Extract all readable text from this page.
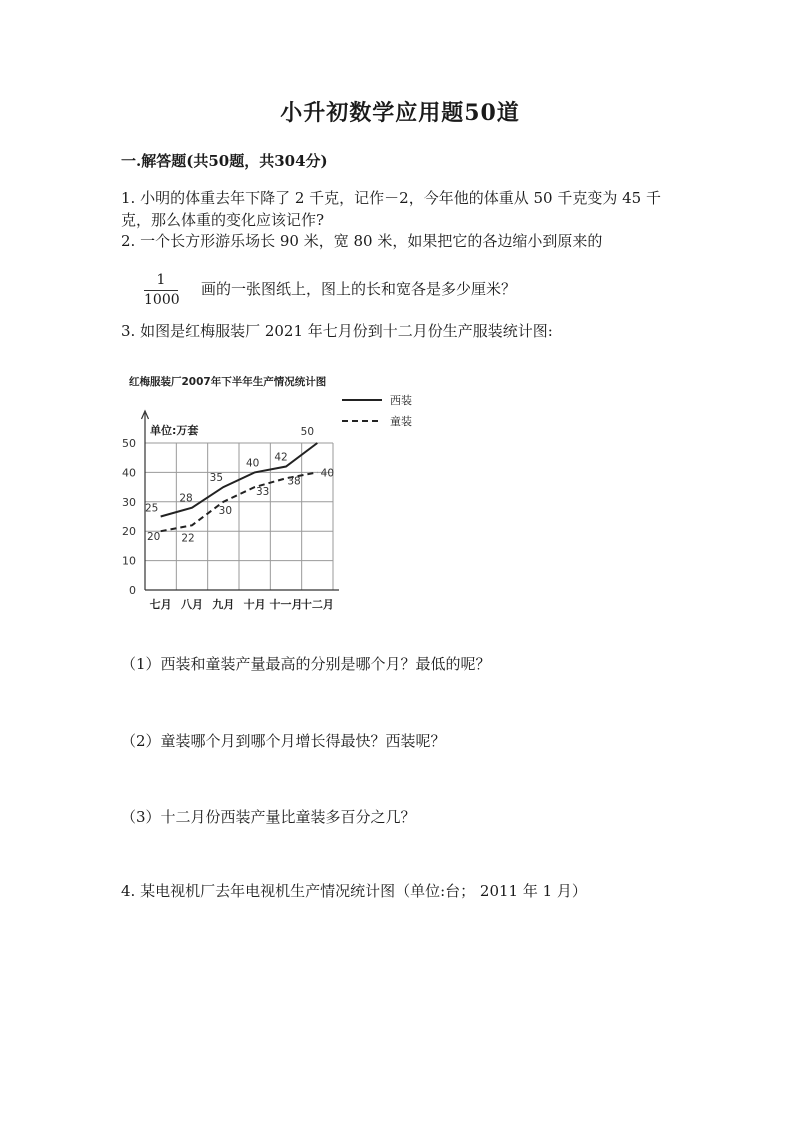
小升初数学应用题50道
一.解答题(共50题，共304分)
1. 小明的体重去年下降了 2 千克，记作－2，今年他的体重从 50 千克变为 45 千
克，那么体重的变化应该记作?
2. 一个长方形游乐场长 90 米，宽 80 米，如果把它的各边缩小到原来的
$\frac{1}{1000}$ 画的一张图纸上，图上的长和宽各是多少厘米？
3. 如图是红梅服装厂 2021 年七月份到十二月份生产服装统计图:
红梅服装厂2007年下半年生产情况统计图
西装
童装
单位:万套
0
10
20
30
40
50
七月 八月 九月 十月 十一月
十二月
25
28
35
40 42
50
20 22
30
33
38
40
（1）西装和童装产量最高的分别是哪个月？最低的呢？
（2）童装哪个月到哪个月增长得最快？西装呢？
（3）十二月份西装产量比童装多百分之几？
4. 某电视机厂去年电视机生产情况统计图（单位:台； 2011 年 1 月）
